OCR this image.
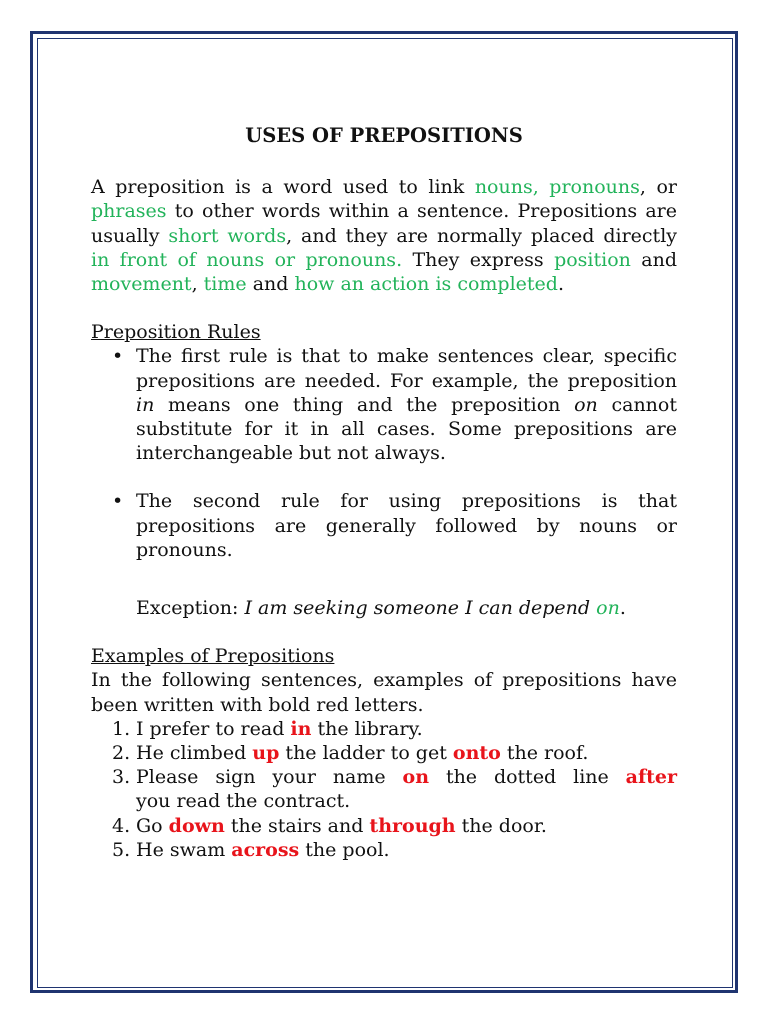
USES OF PREPOSITIONS

A preposition is a word used to link nouns, pronouns, or phrases to other words within a sentence. Prepositions are usually short words, and they are normally placed directly in front of nouns or pronouns. They express position and movement, time and how an action is completed.

Preposition Rules

• The first rule is that to make sentences clear, specific prepositions are needed. For example, the preposition in means one thing and the preposition on cannot substitute for it in all cases. Some prepositions are interchangeable but not always.
• The second rule for using prepositions is that prepositions are generally followed by nouns or pronouns.
Exception: I am seeking someone I can depend on.

Examples of Prepositions

In the following sentences, examples of prepositions have been written with bold red letters.

1. I prefer to read in the library.
2. He climbed up the ladder to get onto the roof.
3. Please sign your name on the dotted line after you read the contract.
4. Go down the stairs and through the door.
5. He swam across the pool.
